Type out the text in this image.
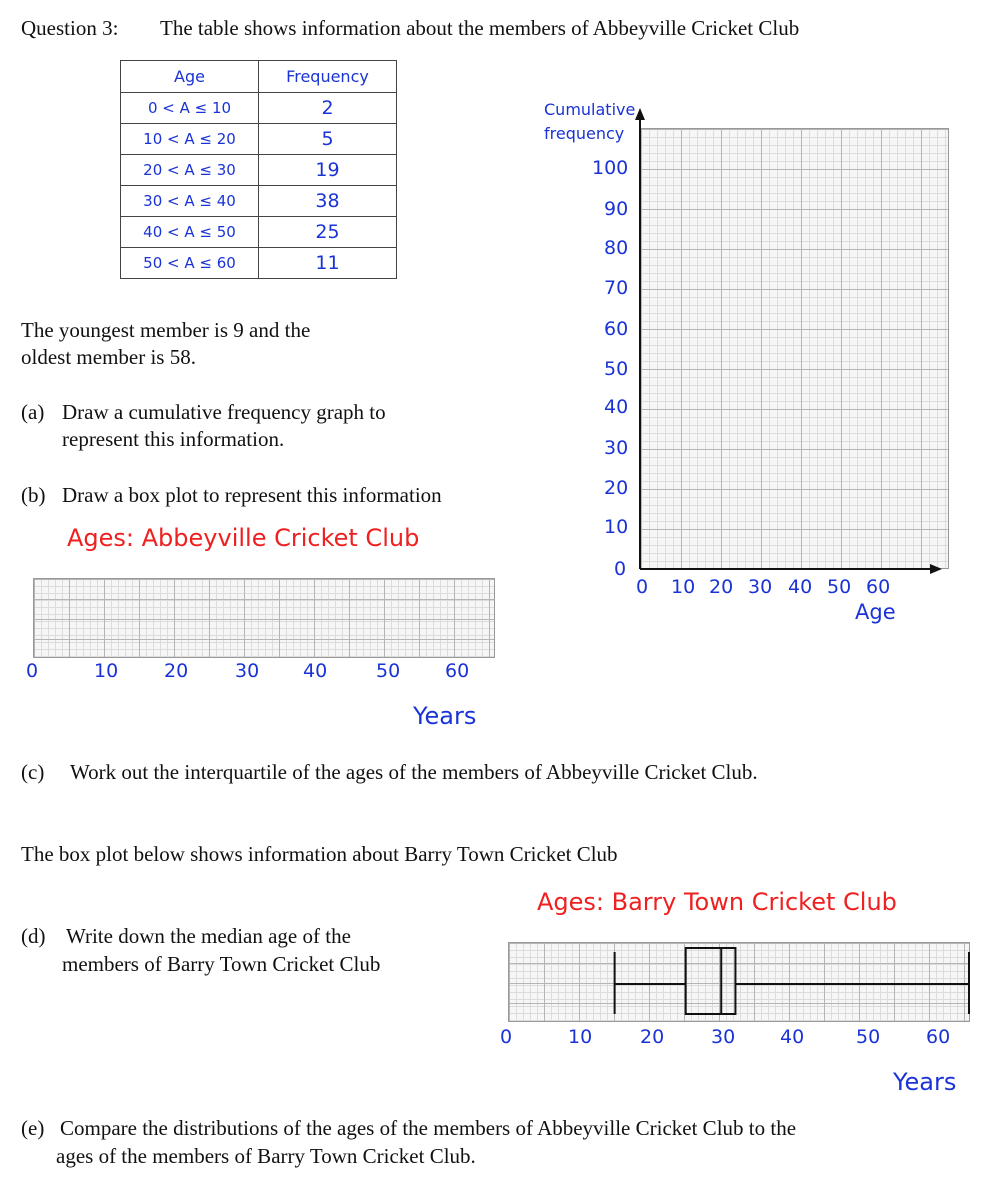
Question 3: The table shows information about the members of Abbeyville Cricket Club
Age	Frequency
0 < A ≤ 10	2
10 < A ≤ 20	5
20 < A ≤ 30	19
30 < A ≤ 40	38
40 < A ≤ 50	25
50 < A ≤ 60	11
The youngest member is 9 and the
oldest member is 58.
(a) Draw a cumulative frequency graph to
represent this information.
(b) Draw a box plot to represent this information
Ages: Abbeyville Cricket Club
0	10 20 30 40	50 60
Years
Cumulative
frequency
100
90
80
70
60
50
40
30
20
10
0
0 10 20 30 40 50 60
Age
(c) Work out the interquartile of the ages of the members of Abbeyville Cricket Club.
The box plot below shows information about Barry Town Cricket Club
(d) Write down the median age of the
members of Barry Town Cricket Club
Ages: Barry Town Cricket Club
0	10	20 30 40	50 60
Years
(e) Compare the distributions of the ages of the members of Abbeyville Cricket Club to the
ages of the members of Barry Town Cricket Club.
